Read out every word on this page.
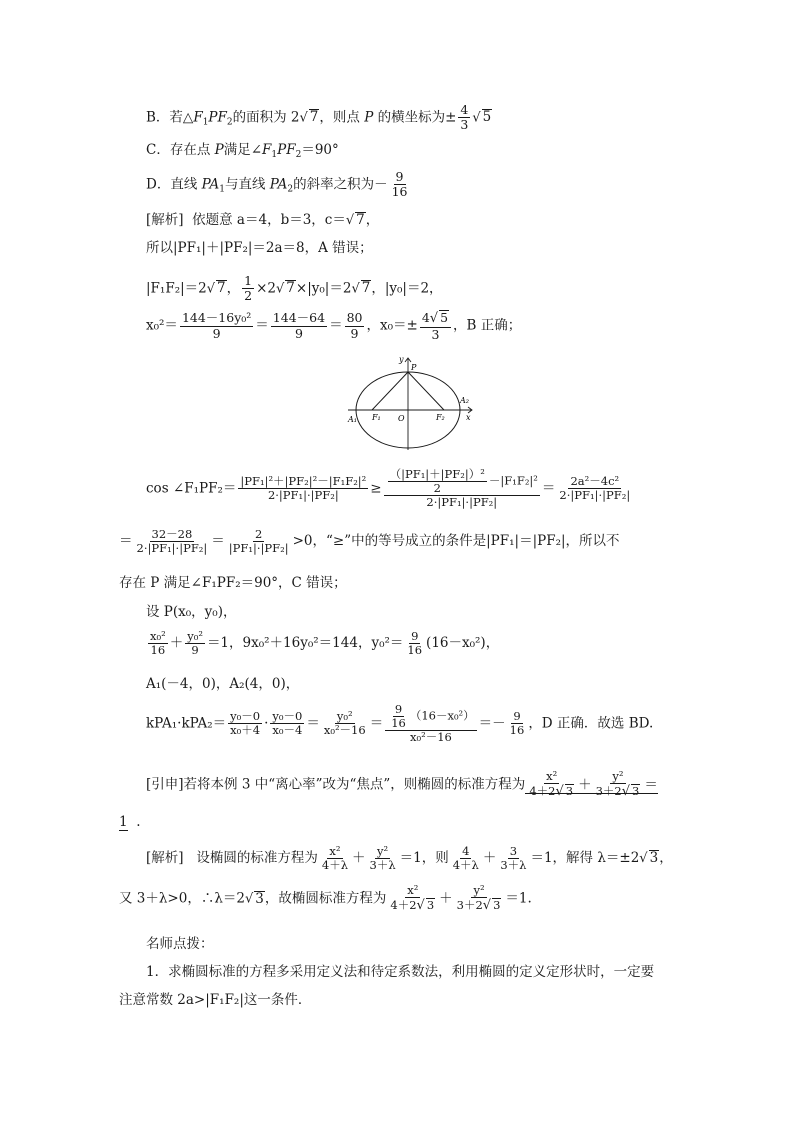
B．若$\triangle F_1PF_2$的面积为 2√ 7，则点 P 的横坐标为± $\frac{4}{3}$ √ 5
C．存在点 P满足$\angle F_1PF_2=90^\circ$
D．直线 $PA_1$与直线 $PA_2$的斜率之积为－ $\frac{9}{16}$
[解析] 依题意 a＝4，b＝3，c＝√ 7，
所以|PF₁|＋|PF₂|＝2a＝8，A 错误；
|F₁F₂|＝2√ 7， $\frac{1}{2} \times 2√$ 7×|y₀|＝2√ 7，|y₀|＝2，
$x_0^2= \frac{\text{144－16y₀²}}{9} = \frac{144-64}{9} = \frac{80}{9}$ ，$x_0=\pm \frac{4√ 5}{3}$ ，B 正确；
y
P
A₁ F₁ O	F₂
A₂
x
cos ∠F₁PF₂＝ $\frac{\text{|PF₁|²＋|PF₂|²－|F₁F₂|²}}{\text{2·|PF₁|·|PF₂|}} \ge \frac{\frac{\text{（|PF₁|＋|PF₂|）²}}{2} -|F_1F_2|^2}{\text{2·|PF₁|·|PF₂|}} = \frac{\text{2a²－4c²}}{\text{2·|PF₁|·|PF₂|}}$
＝ $\frac{32-28}{\text{2·|PF₁|·|PF₂|}} = \frac{2}{\text{|PF₁|·|PF₂|}} >0$，“≥”中的等号成立的条件是|PF₁|＝|PF₂|，所以不
存在 P 满足∠F₁PF₂＝90°，C 错误；
设 P(x₀，y₀)，
$\frac{\text{x₀²}}{16} + \frac{\text{y₀²}}{9} =1$，9x₀²＋16y₀²＝144，$y_0^2= \frac{9}{16} (16-x_0^2)$，
A₁(－4，0)，A₂(4，0)，
$kPA_1\cdot kPA_2= \frac{\text{y₀－0}}{\text{x₀＋4}} \cdot \frac{\text{y₀－0}}{\text{x₀－4}} = \frac{\text{y₀²}}{\text{x₀²－16}} = \frac{\frac{9}{16} (16-x_0^2)}{\text{x₀²－16}} =- \frac{9}{16}$ ，D 正确．故选 BD.
[引申]若将本例 3 中“离心率”改为“焦点”，则椭圆的标准方程为 $\frac{\text{x²}}{4+2√ 3} + \frac{\text{y²}}{3+2√ 3}$ ＝
1 .
[解析] 设椭圆的标准方程为 $\frac{\text{x²}}{4+\lambda} + \frac{\text{y²}}{3+\lambda} =1$，则 $\frac{4}{4+\lambda} + \frac{3}{3+\lambda} =1$，解得 λ＝±2√ 3，
又 3＋λ>0，∴λ＝2√ 3，故椭圆标准方程为 $\frac{\text{x²}}{4+2√ 3} + \frac{\text{y²}}{3+2√ 3} =1$.
名师点拨：
1．求椭圆标准的方程多采用定义法和待定系数法，利用椭圆的定义定形状时，一定要
注意常数 2a>|F₁F₂|这一条件．
